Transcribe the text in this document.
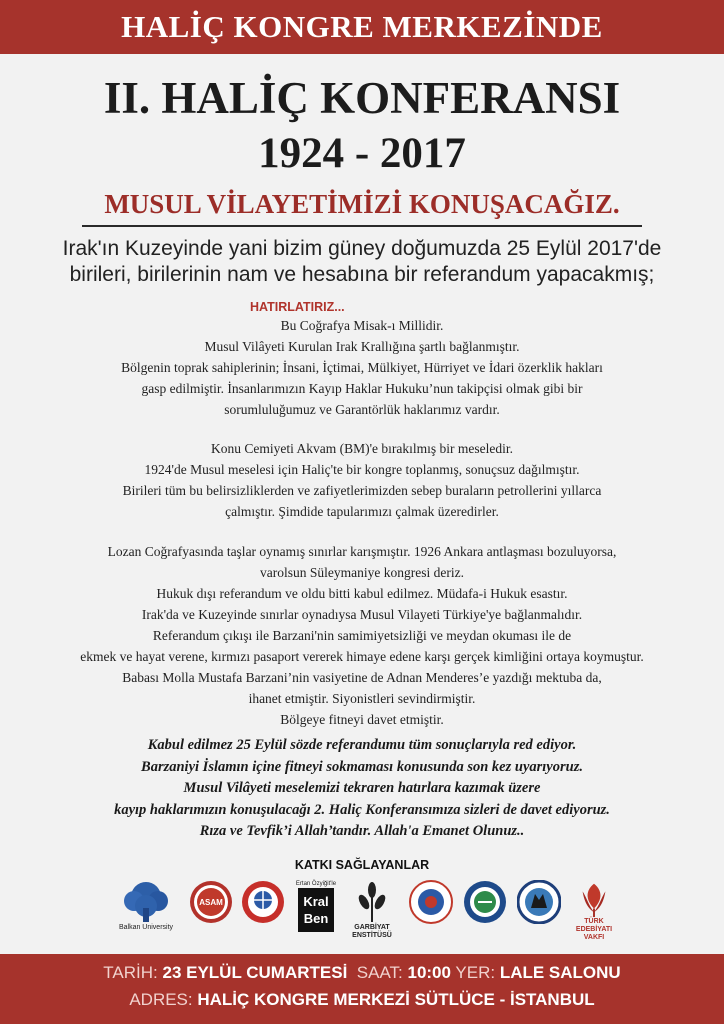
HALİÇ KONGRE MERKEZİNDE
II. HALİÇ KONFERANSI
1924 - 2017
MUSUL VİLAYETİMİZİ KONUŞACAĞIZ.
Irak'ın Kuzeyinde yani bizim güney doğumuzda 25 Eylül 2017'de
birileri, birilerinin nam ve hesabına bir referandum yapacakmış;
HATIRLATIRIZ...
Bu Coğrafya Misak-ı Millidir.
Musul Vilâyeti Kurulan Irak Krallığına şartlı bağlanmıştır.
Bölgenin toprak sahiplerinin; İnsani, İçtimai, Mülkiyet, Hürriyet ve İdari özerklik hakları
gasp edilmiştir. İnsanlarımızın Kayıp Haklar Hukuku’nun takipçisi olmak gibi bir
sorumluluğumuz ve Garantörlük haklarımız vardır.
Konu Cemiyeti Akvam (BM)'e bırakılmış bir meseledir.
1924'de Musul meselesi için Haliç'te bir kongre toplanmış, sonuçsuz dağılmıştır.
Birileri tüm bu belirsizliklerden ve zafiyetlerimizden sebep buraların petrollerini yıllarca
çalmıştır. Şimdide tapularımızı çalmak üzeredirler.
Lozan Coğrafyasında taşlar oynamış sınırlar karışmıştır. 1926 Ankara antlaşması bozuluyorsa,
varolsun Süleymaniye kongresi deriz.
Hukuk dışı referandum ve oldu bitti kabul edilmez. Müdafa-i Hukuk esastır.
Irak'da ve Kuzeyinde sınırlar oynadıysa Musul Vilayeti Türkiye'ye bağlanmalıdır.
Referandum çıkışı ile Barzani'nin samimiyetsizliği ve meydan okuması ile de
ekmek ve hayat verene, kırmızı pasaport vererek himaye edene karşı gerçek kimliğini ortaya koymuştur.
Babası Molla Mustafa Barzani’nin vasiyetine de Adnan Menderes’e yazdığı mektuba da,
ihanet etmiştir. Siyonistleri sevindirmiştir.
Bölgeye fitneyi davet etmiştir.
Kabul edilmez 25 Eylül sözde referandumu tüm sonuçlarıyla red ediyor.
Barzaniyi İslamın içine fitneyi sokmaması konusunda son kez uyarıyoruz.
Musul Vilâyeti meselemizi tekraren hatırlara kazımak üzere
kayıp haklarımızın konuşulacağı 2. Haliç Konferansımıza sizleri de davet ediyoruz.
Rıza ve Tevfik’i Allah’tandır. Allah'a Emanet Olunuz..
KATKI SAĞLAYANLAR
Balkan University
ASAM
Ertan Özyiğit'le
Kral
Ben
GARBİYAT ENSTİTÜSÜ
TÜRK EDEBİYATI
VAKFI
TARİH: 23 EYLÜL CUMARTESİ SAAT: 10:00 YER: LALE SALONU
ADRES: HALİÇ KONGRE MERKEZİ SÜTLÜCE - İSTANBUL
